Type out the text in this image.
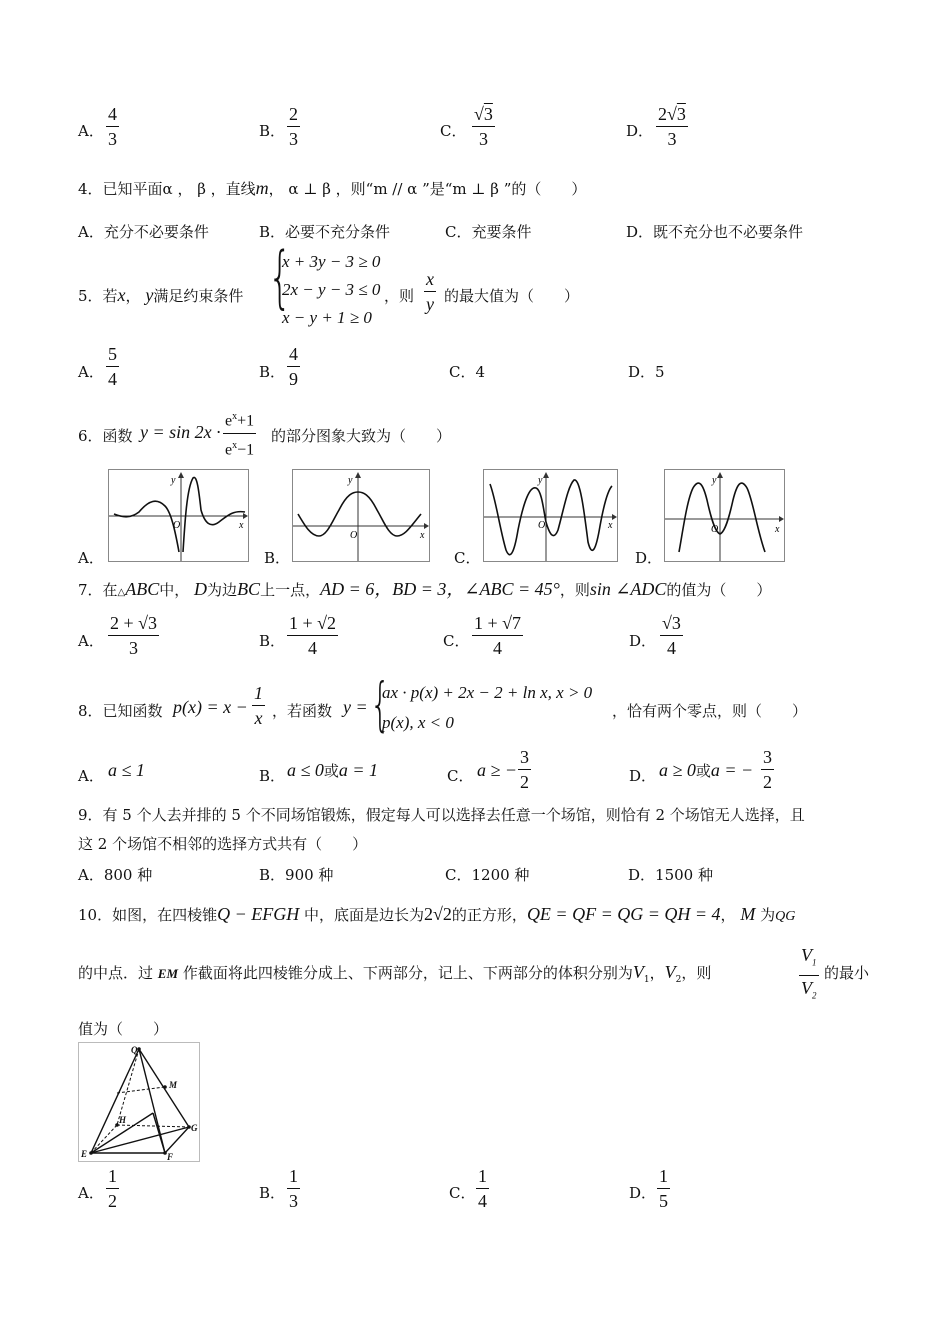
A．
4
3	B．
2
3	C．
√3
3	D．
2√3
3
4．已知平面α ， β ，直线m， α ⊥ β ，则“m // α ”是“m ⊥ β ”的（　　）
A．充分不必要条件	B．必要不充分条件	C．充要条件	D．既不充分也不必要条件
5．若x， y满足约束条件 {
x + 3y − 3 ≥ 0
2x − y − 3 ≤ 0
x − y + 1 ≥ 0
，则
x
y 的最大值为（　　）
A．
5
4	B．
4
9	C．4	D．5
6．函数 y = sin 2x ·
$e^x+1$
$e^x-1$
的部分图象大致为（　　）
A．
y
x
O
B．
y
x
O
C．
y
x
O
D．
y
x
O
7．在△ABC中， D为边BC上一点，AD = 6，BD = 3，∠ABC = 45°，则sin ∠ADC的值为（　　）
A．
2 + √3
3	B．
1 + √2
4	C．
1 + √7
4	D．
√3
4
8．已知函数 p(x) = x −
1
x ，若函数 y = {
ax · p(x) + 2x − 2 + ln x, x > 0
p(x), x < 0
，恰有两个零点，则（　　）
A． a ≤ 1	B． a ≤ 0或a = 1	C． a ≥ −
3
2	D． a ≥ 0或a = −
3
2
9．有 5 个人去并排的 5 个不同场馆锻炼，假定每人可以选择去任意一个场馆，则恰有 2 个场馆无人选择，且
这 2 个场馆不相邻的选择方式共有（　　）
A．800 种	B．900 种	C．1200 种	D．1500 种
10．如图，在四棱锥Q − EFGH 中，底面是边长为2√2的正方形，QE = QF = QG = QH = 4， M 为QG
的中点．过 EM 作截面将此四棱锥分成上、下两部分，记上、下两部分的体积分别为$V_1$，$V_2$，则
$V_1$
$V_2$
的最小
值为（　　）
Q
M
H
G
E	F
A．
1
2	B．
1
3	C．
1
4	D．
1
5
